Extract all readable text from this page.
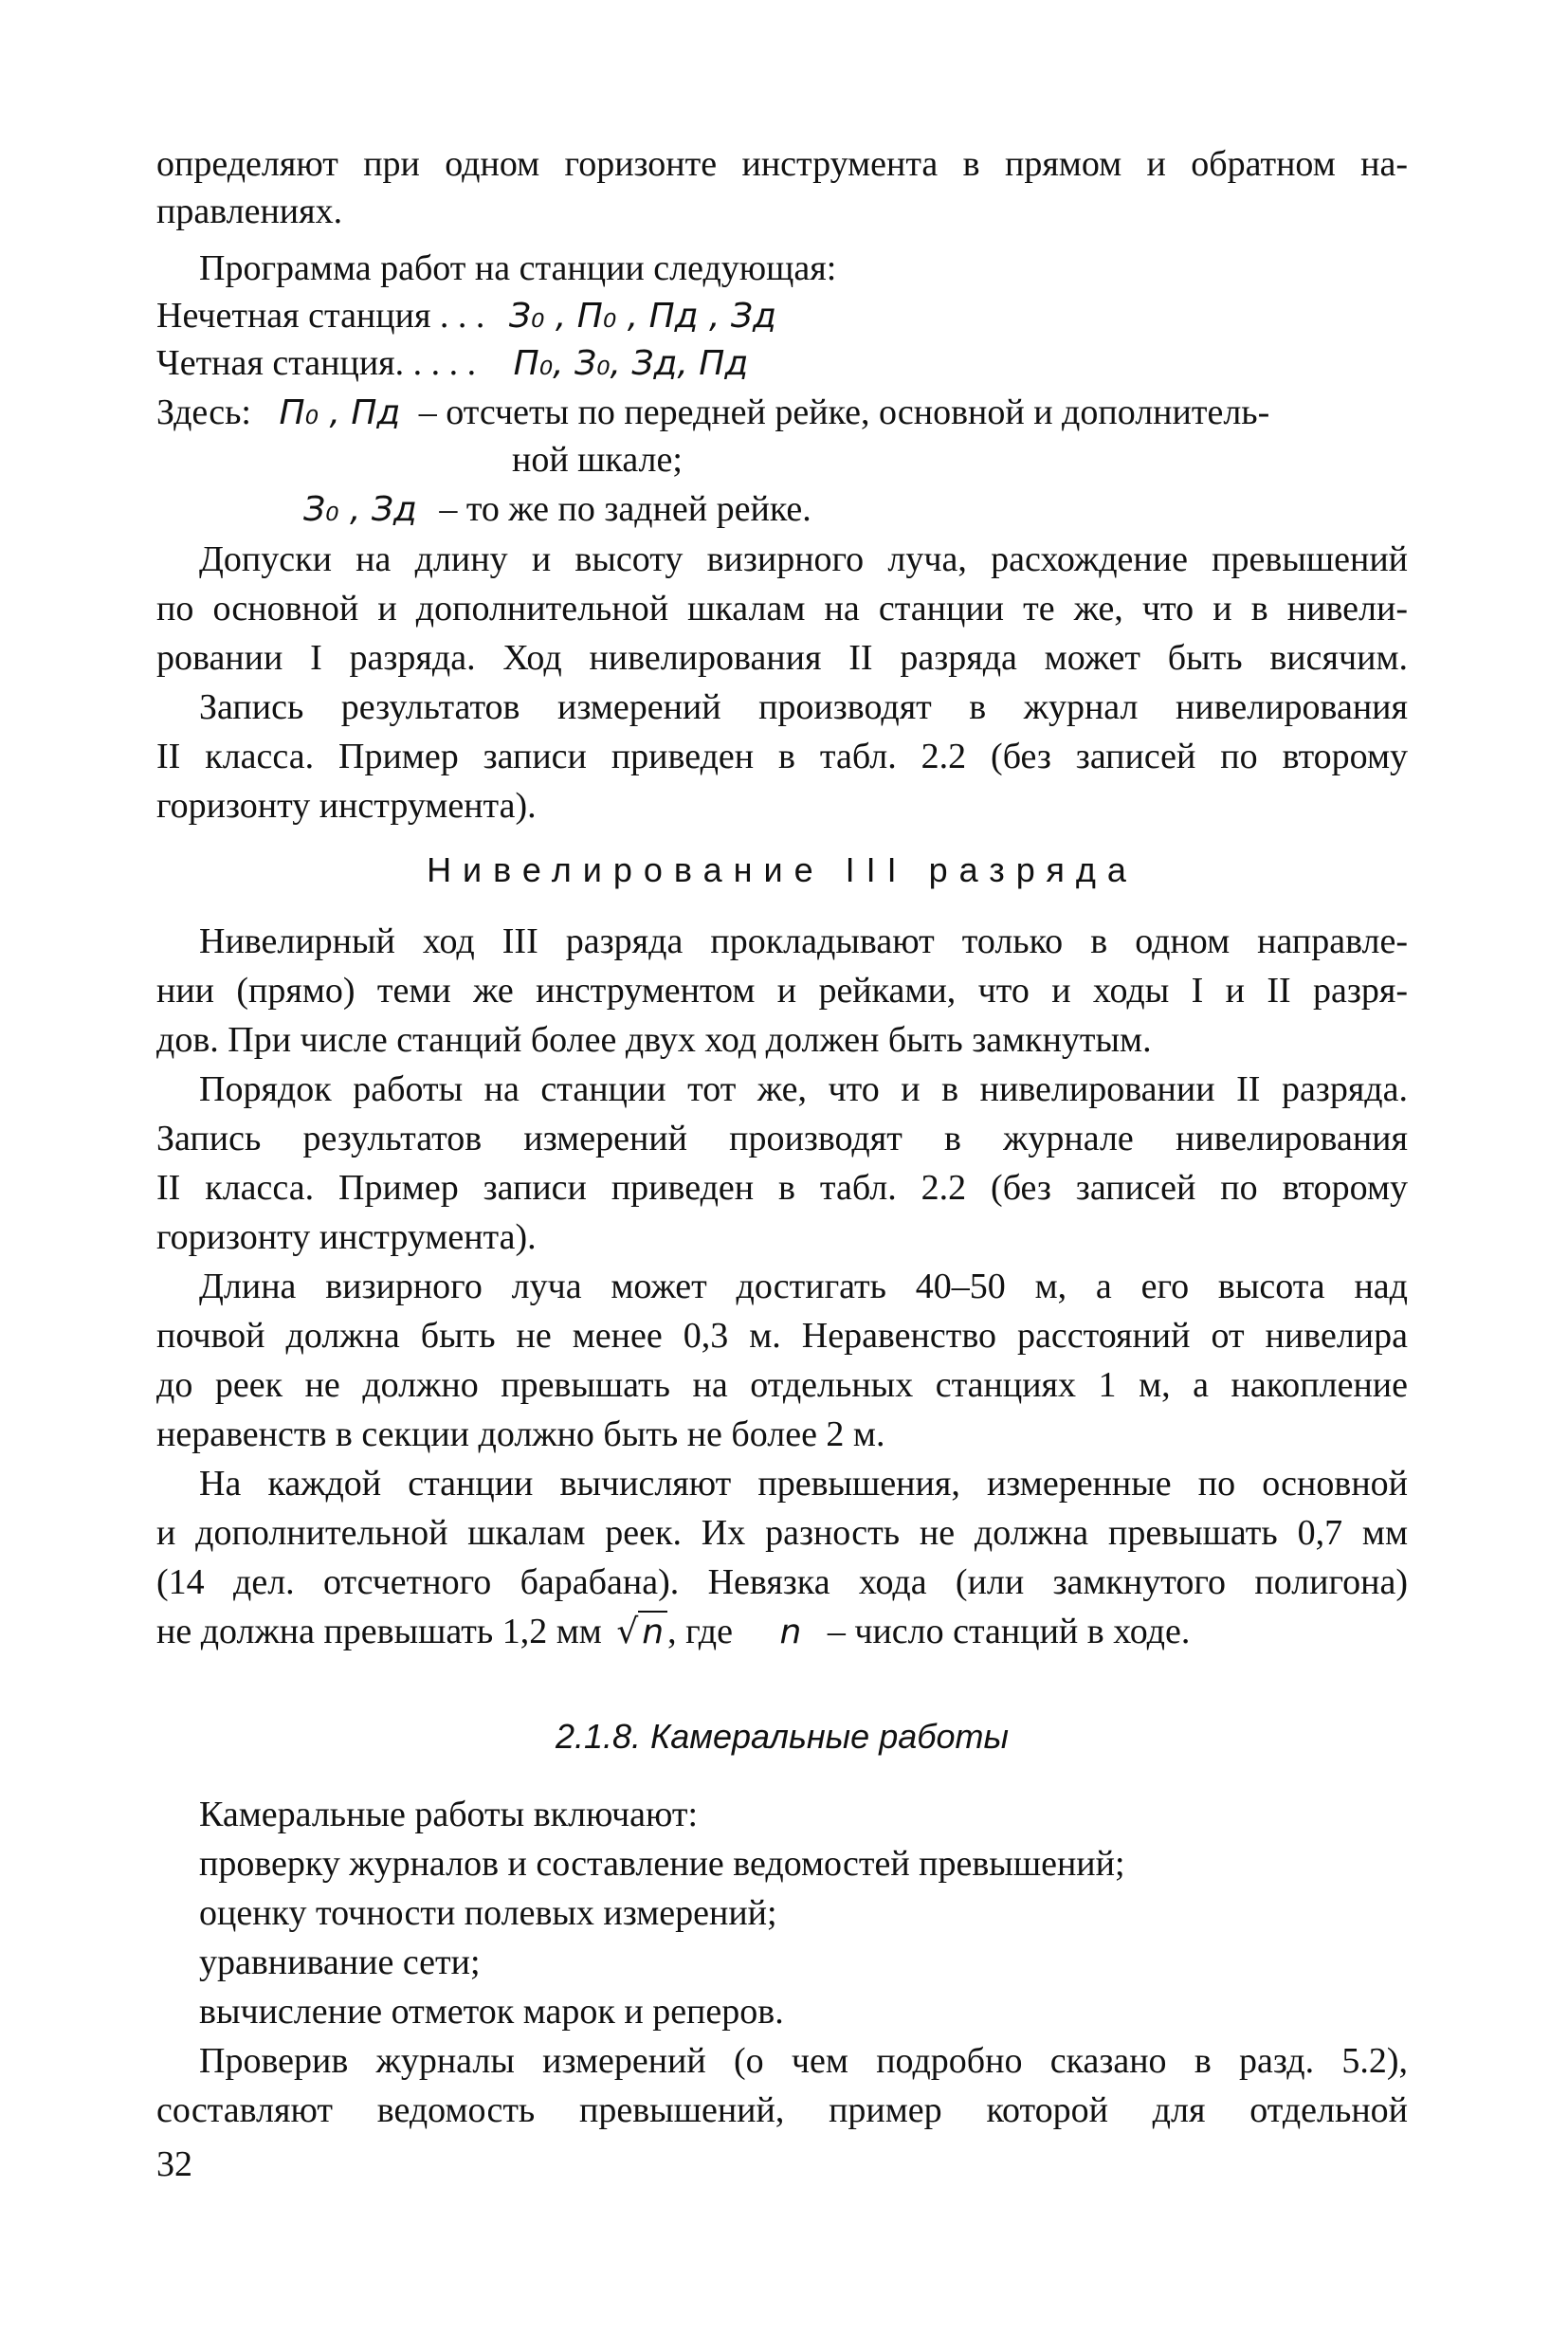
определяют при одном горизонте инструмента в прямом и обратном на-
правлениях.
Программа работ на станции следующая:
Нечетная станция . . . З₀ , П₀ , Пд , Зд
Четная станция. . . . . П₀, З₀, Зд, Пд
Здесь: П₀ , Пд – отсчеты по передней рейке, основной и дополнитель-
ной шкале;
З₀ , Зд – то же по задней рейке.
Допуски на длину и высоту визирного луча, расхождение превышений
по основной и дополнительной шкалам на станции те же, что и в нивели-
ровании I разряда. Ход нивелирования II разряда может быть висячим.
Запись результатов измерений производят в журнал нивелирования
II класса. Пример записи приведен в табл. 2.2 (без записей по второму
горизонту инструмента).
Нивелирование III разряда
Нивелирный ход III разряда прокладывают только в одном направле-
нии (прямо) теми же инструментом и рейками, что и ходы I и II разря-
дов. При числе станций более двух ход должен быть замкнутым.
Порядок работы на станции тот же, что и в нивелировании II разряда.
Запись результатов измерений производят в журнале нивелирования
II класса. Пример записи приведен в табл. 2.2 (без записей по второму
горизонту инструмента).
Длина визирного луча может достигать 40–50 м, а его высота над
почвой должна быть не менее 0,3 м. Неравенство расстояний от нивелира
до реек не должно превышать на отдельных станциях 1 м, а накопление
неравенств в секции должно быть не более 2 м.
На каждой станции вычисляют превышения, измеренные по основной
и дополнительной шкалам реек. Их разность не должна превышать 0,7 мм
(14 дел. отсчетного барабана). Невязка хода (или замкнутого полигона)
не должна превышать 1,2 мм √ n , где n – число станций в ходе.
2.1.8. Камеральные работы
Камеральные работы включают:
проверку журналов и составление ведомостей превышений;
оценку точности полевых измерений;
уравнивание сети;
вычисление отметок марок и реперов.
Проверив журналы измерений (о чем подробно сказано в разд. 5.2),
составляют ведомость превышений, пример которой для отдельной
32
